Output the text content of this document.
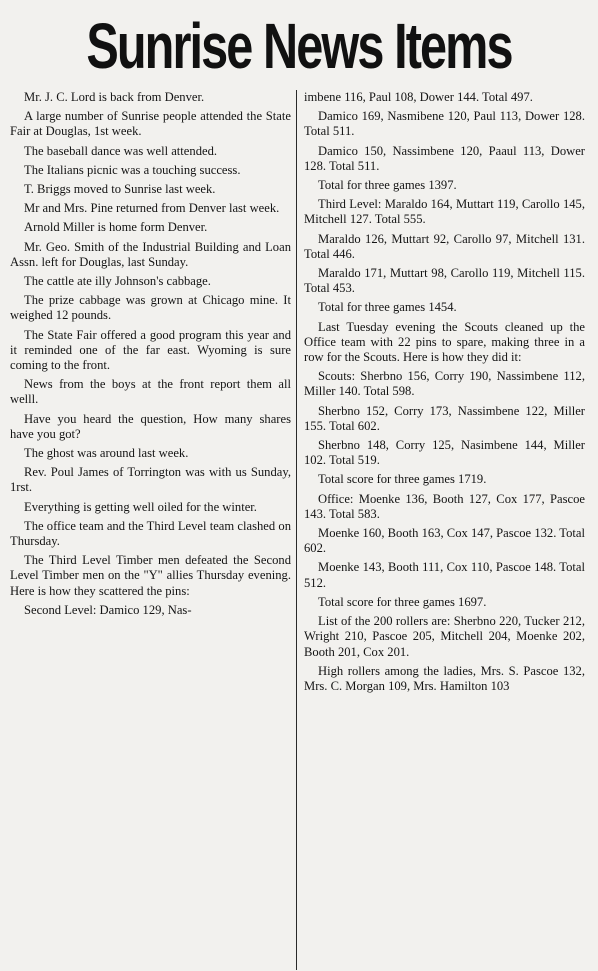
Sunrise News Items

Mr. J. C. Lord is back from Denver.

A large number of Sunrise people attended the State Fair at Douglas, 1st week.

The baseball dance was well attended.

The Italians picnic was a touching success.

T. Briggs moved to Sunrise last week.

Mr and Mrs. Pine returned from Denver last week.

Arnold Miller is home form Denver.

Mr. Geo. Smith of the Industrial Building and Loan Assn. left for Douglas, last Sunday.

The cattle ate illy Johnson's cabbage.

The prize cabbage was grown at Chicago mine. It weighed 12 pounds.

The State Fair offered a good program this year and it reminded one of the far east. Wyoming is sure coming to the front.

News from the boys at the front report them all welll.

Have you heard the question, How many shares have you got?

The ghost was around last week.

Rev. Poul James of Torrington was with us Sunday, 1rst.

Everything is getting well oiled for the winter.

The office team and the Third Level team clashed on Thursday.

The Third Level Timber men defeated the Second Level Timber men on the "Y" allies Thursday evening. Here is how they scattered the pins:

Second Level: Damico 129, Nas-

imbene 116, Paul 108, Dower 144. Total 497.

Damico 169, Nasmibene 120, Paul 113, Dower 128. Total 511.

Damico 150, Nassimbene 120, Paaul 113, Dower 128. Total 511.

Total for three games 1397.

Third Level: Maraldo 164, Muttart 119, Carollo 145, Mitchell 127. Total 555.

Maraldo 126, Muttart 92, Carollo 97, Mitchell 131. Total 446.

Maraldo 171, Muttart 98, Carollo 119, Mitchell 115. Total 453.

Total for three games 1454.

Last Tuesday evening the Scouts cleaned up the Office team with 22 pins to spare, making three in a row for the Scouts. Here is how they did it:

Scouts: Sherbno 156, Corry 190, Nassimbene 112, Miller 140. Total 598.

Sherbno 152, Corry 173, Nassimbene 122, Miller 155. Total 602.

Sherbno 148, Corry 125, Nasimbene 144, Miller 102. Total 519.

Total score for three games 1719.

Office: Moenke 136, Booth 127, Cox 177, Pascoe 143. Total 583.

Moenke 160, Booth 163, Cox 147, Pascoe 132. Total 602.

Moenke 143, Booth 111, Cox 110, Pascoe 148. Total 512.

Total score for three games 1697.

List of the 200 rollers are: Sherbno 220, Tucker 212, Wright 210, Pascoe 205, Mitchell 204, Moenke 202, Booth 201, Cox 201.

High rollers among the ladies, Mrs. S. Pascoe 132, Mrs. C. Morgan 109, Mrs. Hamilton 103
